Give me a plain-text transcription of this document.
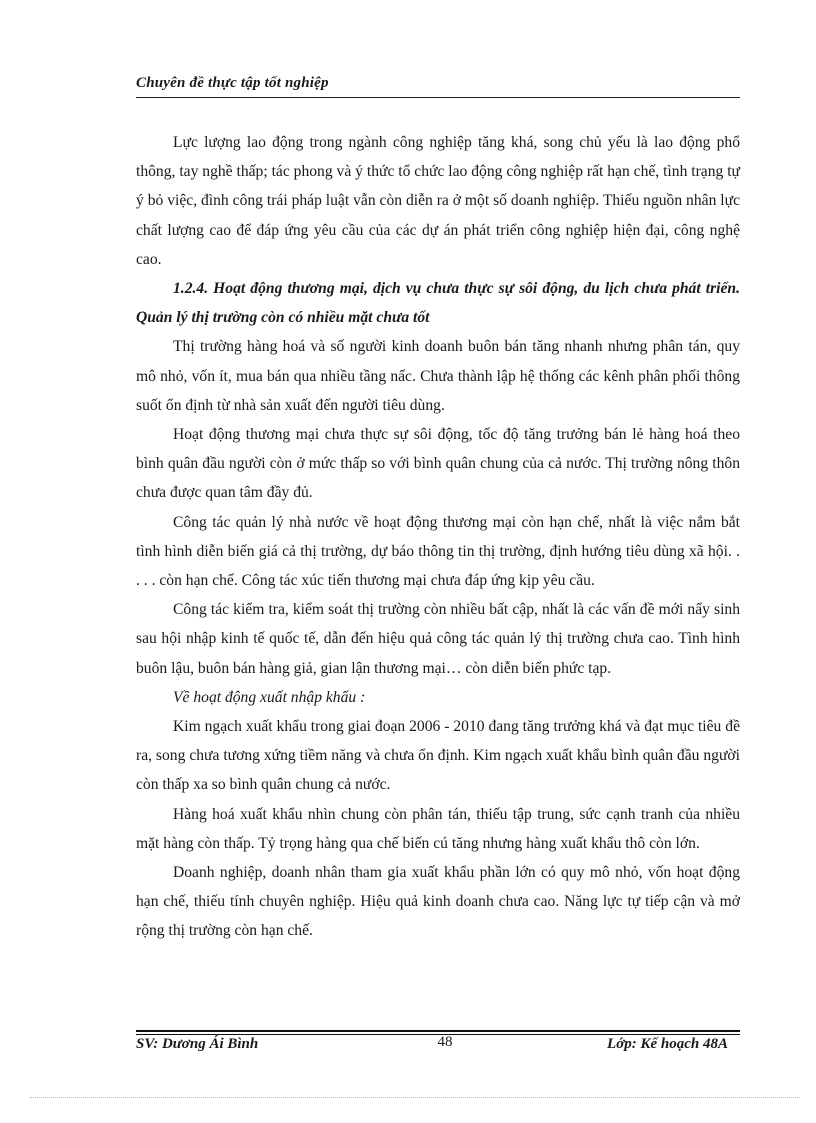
Chuyên đề thực tập tốt nghiệp

Lực lượng lao động trong ngành công nghiệp tăng khá, song chủ yếu là lao động phổ thông, tay nghề thấp; tác phong và ý thức tổ chức lao động công nghiệp rất hạn chế, tình trạng tự ý bỏ việc, đình công trái pháp luật vẫn còn diễn ra ở một số doanh nghiệp. Thiếu nguồn nhân lực chất lượng cao để đáp ứng yêu cầu của các dự án phát triển công nghiệp hiện đại, công nghệ cao.

1.2.4. Hoạt động thương mại, dịch vụ chưa thực sự sôi động, du lịch chưa phát triển. Quản lý thị trường còn có nhiều mặt chưa tốt

Thị trường hàng hoá và số người kinh doanh buôn bán tăng nhanh nhưng phân tán, quy mô nhỏ, vốn ít, mua bán qua nhiều tầng nấc. Chưa thành lập hệ thống các kênh phân phối thông suốt ổn định từ nhà sản xuất đến người tiêu dùng.

Hoạt động thương mại chưa thực sự sôi động, tốc độ tăng trưởng bán lẻ hàng hoá theo bình quân đầu người còn ở mức thấp so với bình quân chung của cả nước. Thị trường nông thôn chưa được quan tâm đầy đủ.

Công tác quản lý nhà nước về hoạt động thương mại còn hạn chế, nhất là việc nắm bắt tình hình diễn biến giá cả thị trường, dự báo thông tin thị trường, định hướng tiêu dùng xã hội. . . . . còn hạn chế. Công tác xúc tiến thương mại chưa đáp ứng kịp yêu cầu.

Công tác kiểm tra, kiểm soát thị trường còn nhiều bất cập, nhất là các vấn đề mới nẩy sinh sau hội nhập kinh tế quốc tế, dẫn đến hiệu quả công tác quản lý thị trường chưa cao. Tình hình buôn lậu, buôn bán hàng giả, gian lận thương mại… còn diễn biến phức tạp.

Về hoạt động xuất nhập khẩu :

Kim ngạch xuất khẩu trong giai đoạn 2006 - 2010 đang tăng trưởng khá và đạt mục tiêu đề ra, song chưa tương xứng tiềm năng và chưa ổn định. Kim ngạch xuất khẩu bình quân đầu người còn thấp xa so bình quân chung cả nước.

Hàng hoá xuất khẩu nhìn chung còn phân tán, thiếu tập trung, sức cạnh tranh của nhiều mặt hàng còn thấp. Tỷ trọng hàng qua chế biến cú tăng nhưng hàng xuất khẩu thô còn lớn.

Doanh nghiệp, doanh nhân tham gia xuất khẩu phần lớn có quy mô nhỏ, vốn hoạt động hạn chế, thiếu tính chuyên nghiệp. Hiệu quả kinh doanh chưa cao. Năng lực tự tiếp cận và mở rộng thị trường còn hạn chế.

SV: Dương Ái Bình	48	Lớp: Kế hoạch 48A
